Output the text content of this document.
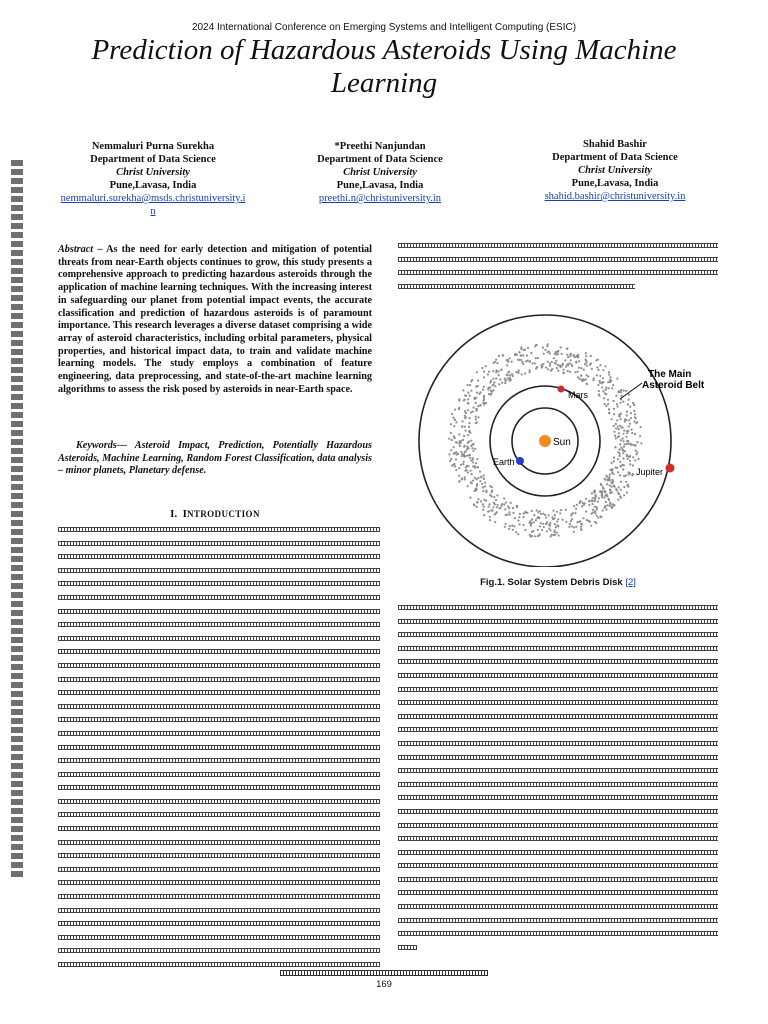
2024 International Conference on Emerging Systems and Intelligent Computing (ESIC)
Prediction of Hazardous Asteroids Using Machine Learning
Nemmaluri Purna Surekha
Department of Data Science
Christ University
Pune,Lavasa, India
nemmaluri.surekha@msds.christuniversity.in
*Preethi Nanjundan
Department of Data Science
Christ University
Pune,Lavasa, India
preethi.n@christuniversity.in
Shahid Bashir
Department of Data Science
Christ University
Pune,Lavasa, India
shahid.bashir@christuniversity.in
Abstract – As the need for early detection and mitigation of potential threats from near-Earth objects continues to grow, this study presents a comprehensive approach to predicting hazardous asteroids through the application of machine learning techniques. With the increasing interest in safeguarding our planet from potential impact events, the accurate classification and prediction of hazardous asteroids is of paramount importance. This research leverages a diverse dataset comprising a wide array of asteroid characteristics, including orbital parameters, physical properties, and historical impact data, to train and validate machine learning models. The study employs a combination of feature engineering, data preprocessing, and state-of-the-art machine learning algorithms to assess the risk posed by asteroids in near-Earth space.
Keywords— Asteroid Impact, Prediction, Potentially Hazardous Asteroids, Machine Learning, Random Forest Classification, data analysis – minor planets, Planetary defense.
I. INTRODUCTION
Sun
Earth
Mars
Jupiter
The Main
Asteroid Belt
The Main Asteroid Belt
Fig.1. Solar System Debris Disk [2]
169
